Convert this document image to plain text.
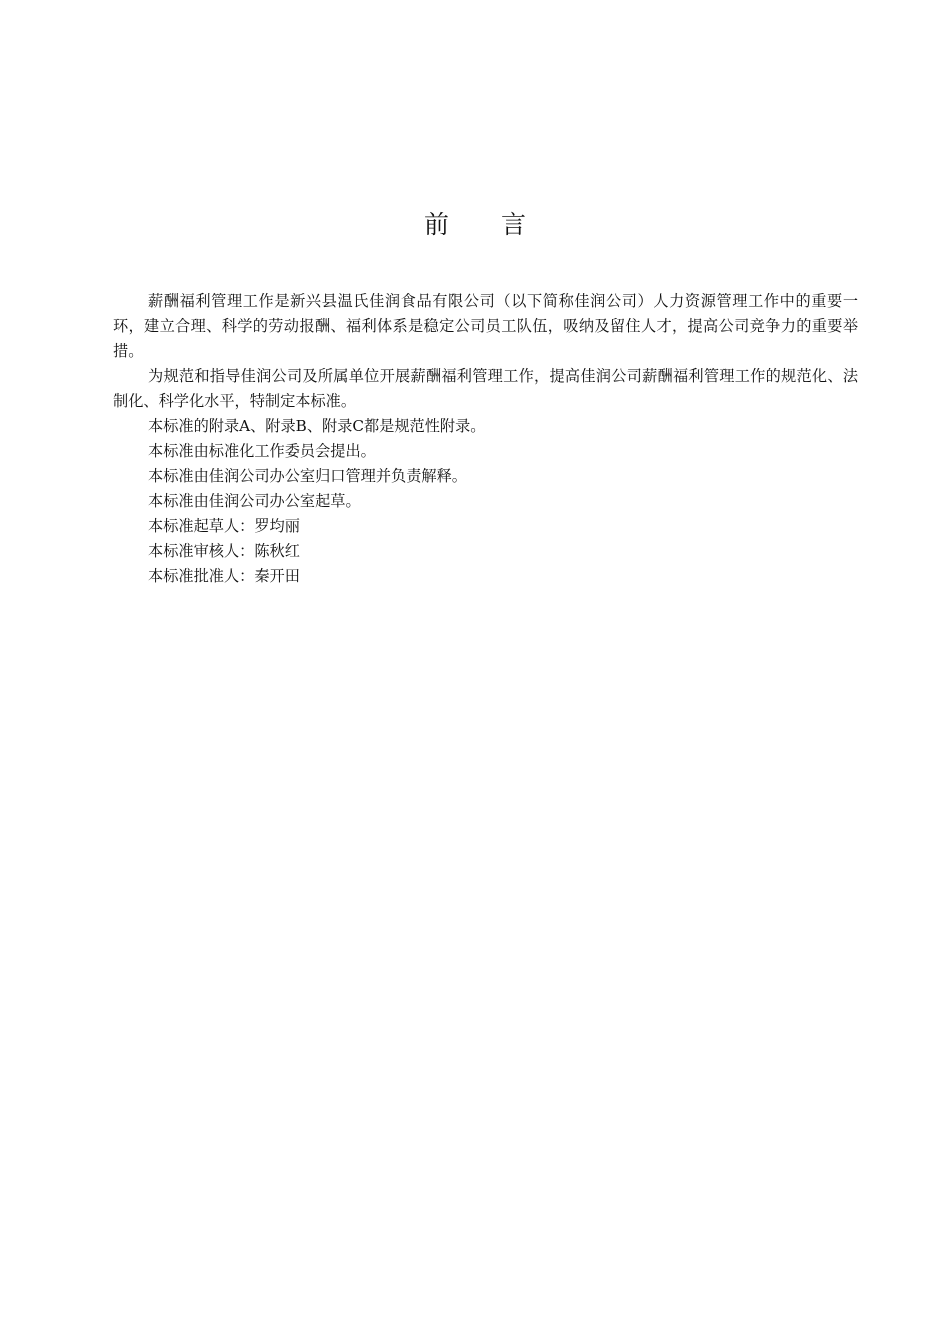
前言

薪酬福利管理工作是新兴县温氏佳润食品有限公司（以下简称佳润公司）人力资源管理工作中的重要一环，建立合理、科学的劳动报酬、福利体系是稳定公司员工队伍，吸纳及留住人才，提高公司竞争力的重要举措。

为规范和指导佳润公司及所属单位开展薪酬福利管理工作，提高佳润公司薪酬福利管理工作的规范化、法制化、科学化水平，特制定本标准。

本标准的附录A、附录B、附录C都是规范性附录。

本标准由标准化工作委员会提出。

本标准由佳润公司办公室归口管理并负责解释。

本标准由佳润公司办公室起草。

本标准起草人：罗均丽

本标准审核人：陈秋红

本标准批准人：秦开田
